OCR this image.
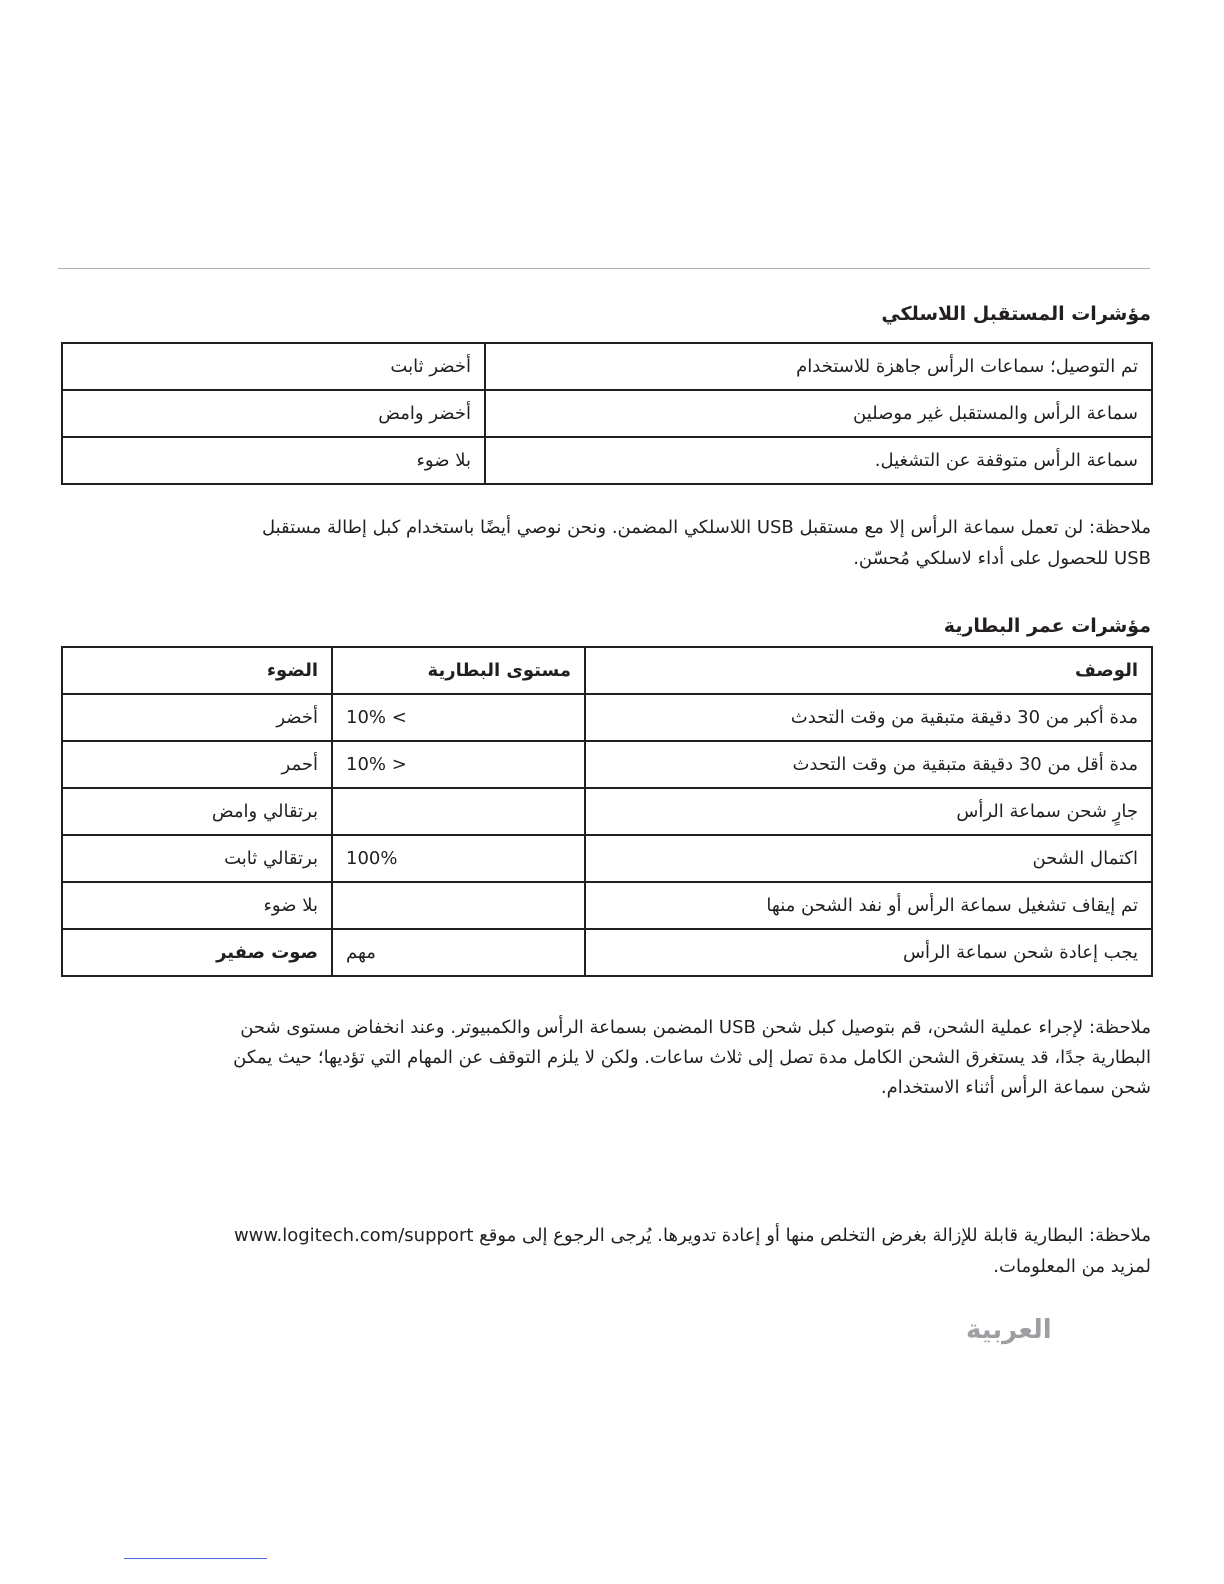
مؤشرات المستقبل اللاسلكي
تم التوصيل؛ سماعات الرأس جاهزة للاستخدام	أخضر ثابت
سماعة الرأس والمستقبل غير موصلين	أخضر وامض
سماعة الرأس متوقفة عن التشغيل.	بلا ضوء
ملاحظة: لن تعمل سماعة الرأس إلا مع مستقبل USB اللاسلكي المضمن. ونحن نوصي أيضًا باستخدام كبل إطالة مستقبل
USB للحصول على أداء لاسلكي مُحسّن.
مؤشرات عمر البطارية
الوصف	مستوى البطارية	الضوء
مدة أكبر من 30 دقيقة متبقية من وقت التحدث	10% <	أخضر
مدة أقل من 30 دقيقة متبقية من وقت التحدث	10% >	أحمر
جارٍ شحن سماعة الرأس		برتقالي وامض
اكتمال الشحن	100%	برتقالي ثابت
تم إيقاف تشغيل سماعة الرأس أو نفد الشحن منها		بلا ضوء
يجب إعادة شحن سماعة الرأس	مهم	صوت صفير
ملاحظة: لإجراء عملية الشحن، قم بتوصيل كبل شحن USB المضمن بسماعة الرأس والكمبيوتر. وعند انخفاض مستوى شحن
البطارية جدًا، قد يستغرق الشحن الكامل مدة تصل إلى ثلاث ساعات. ولكن لا يلزم التوقف عن المهام التي تؤديها؛ حيث يمكن
شحن سماعة الرأس أثناء الاستخدام.
ملاحظة: البطارية قابلة للإزالة بغرض التخلص منها أو إعادة تدويرها. يُرجى الرجوع إلى موقع www.logitech.com/support
لمزيد من المعلومات.
العربية
